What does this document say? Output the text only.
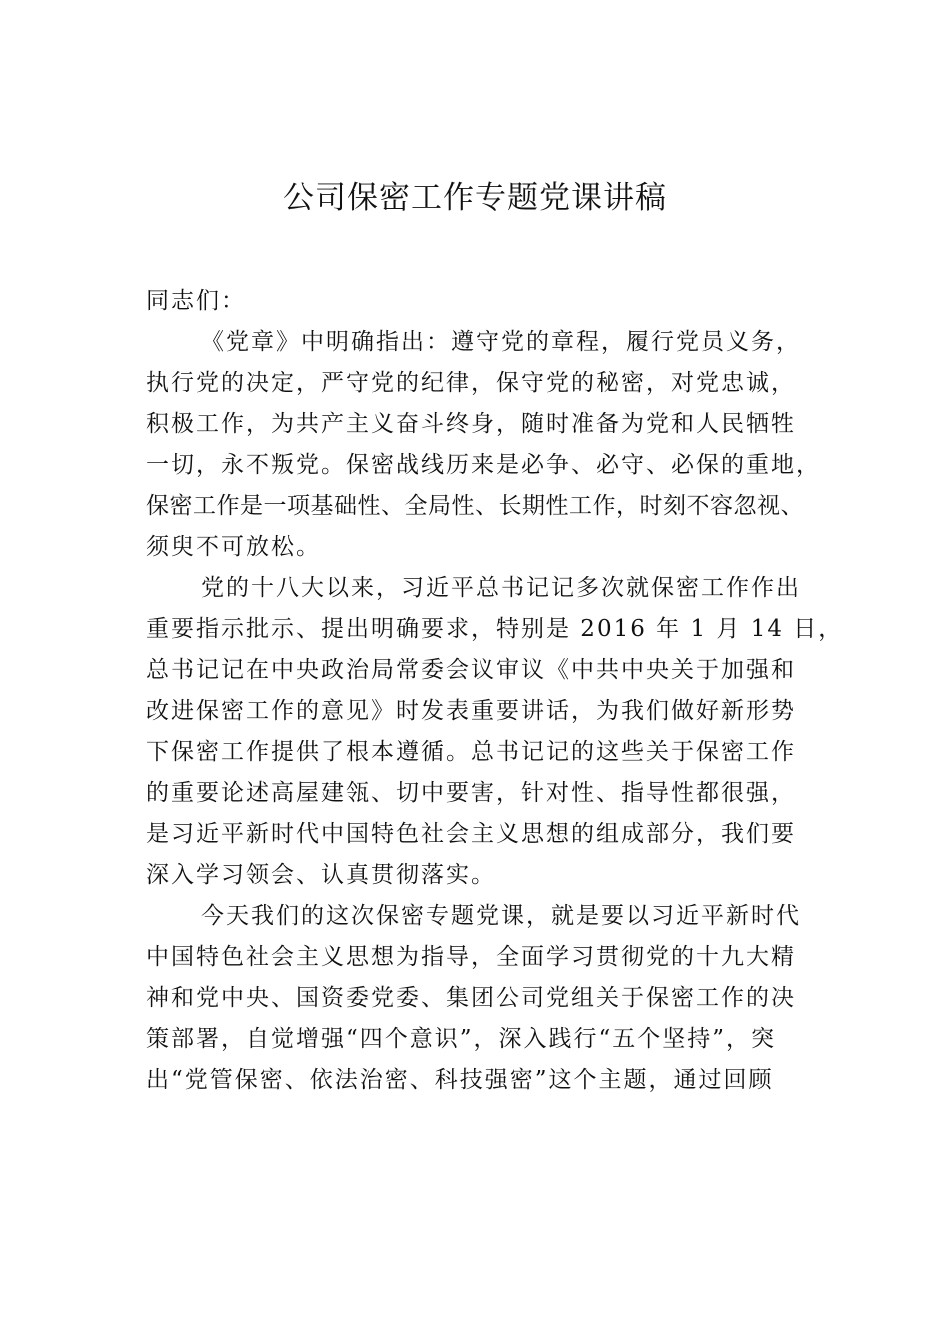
公司保密工作专题党课讲稿
同志们：
《党章》中明确指出：遵守党的章程，履行党员义务，
执行党的决定，严守党的纪律，保守党的秘密，对党忠诚，
积极工作，为共产主义奋斗终身，随时准备为党和人民牺牲
一切，永不叛党。保密战线历来是必争、必守、必保的重地，
保密工作是一项基础性、全局性、长期性工作，时刻不容忽视、
须臾不可放松。
党的十八大以来，习近平总书记记多次就保密工作作出
重要指示批示、提出明确要求，特别是 2016 年 1 月 14 日，
总书记记在中央政治局常委会议审议《中共中央关于加强和
改进保密工作的意见》时发表重要讲话，为我们做好新形势
下保密工作提供了根本遵循。总书记记的这些关于保密工作
的重要论述高屋建瓴、切中要害，针对性、指导性都很强，
是习近平新时代中国特色社会主义思想的组成部分，我们要
深入学习领会、认真贯彻落实。
今天我们的这次保密专题党课，就是要以习近平新时代
中国特色社会主义思想为指导，全面学习贯彻党的十九大精
神和党中央、国资委党委、集团公司党组关于保密工作的决
策部署，自觉增强“四个意识”，深入践行“五个坚持”，突
出“党管保密、依法治密、科技强密”这个主题，通过回顾
